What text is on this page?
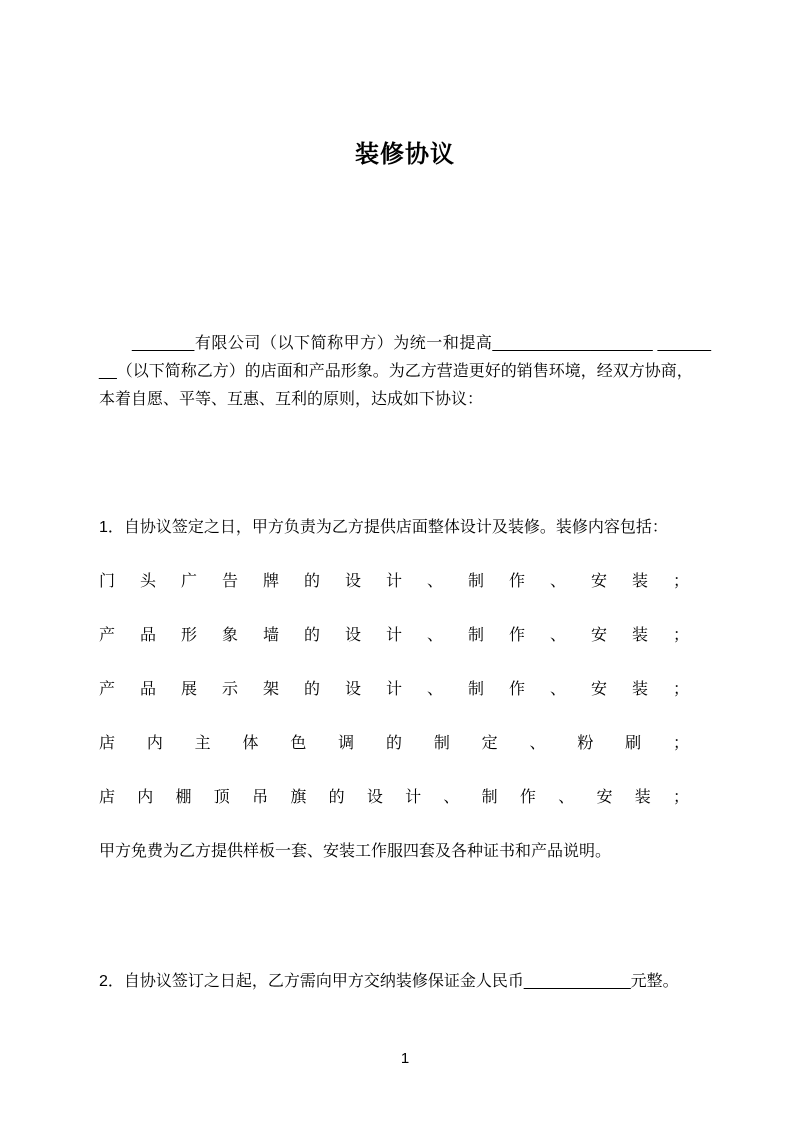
装修协议
_______有限公司（以下简称甲方）为统一和提高__________________ ______
__（以下简称乙方）的店面和产品形象。为乙方营造更好的销售环境，经双方协商，
本着自愿、平等、互惠、互利的原则，达成如下协议：
1．自协议签定之日，甲方负责为乙方提供店面整体设计及装修。装修内容包括：
门头广告牌的设计、制作、安装；
产品形象墙的设计、制作、安装；
产品展示架的设计、制作、安装；
店内主体色调的制定、粉刷；
店内棚顶吊旗的设计、制作、安装；
甲方免费为乙方提供样板一套、安装工作服四套及各种证书和产品说明。
2．自协议签订之日起，乙方需向甲方交纳装修保证金人民币____________元整。
1
